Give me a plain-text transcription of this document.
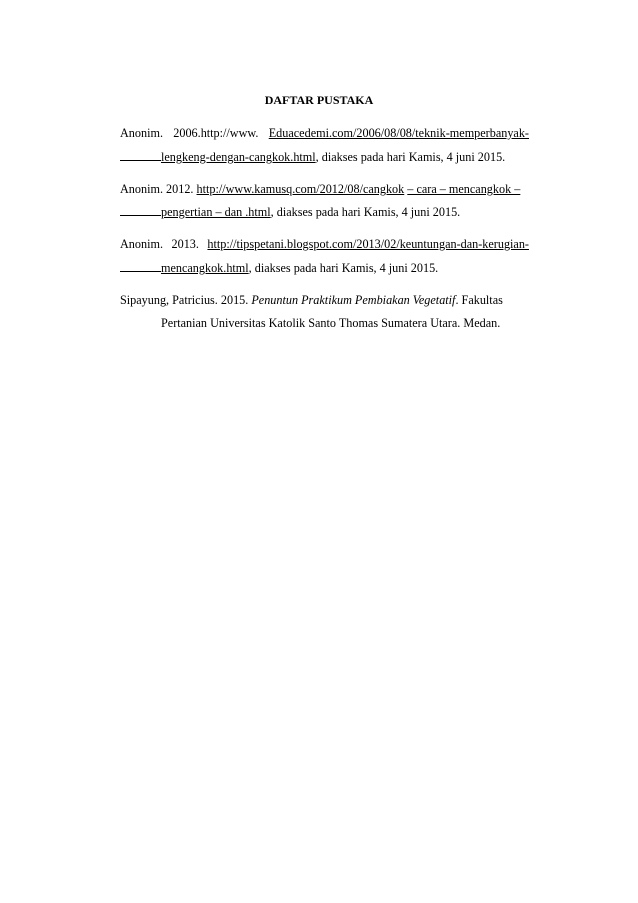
DAFTAR PUSTAKA
Anonim. 2006.http://www. Eduacedemi.com/2006/08/08/teknik-memperbanyak-
lengkeng-dengan-cangkok.html, diakses pada hari Kamis, 4 juni 2015.
Anonim. 2012. http://www.kamusq.com/2012/08/cangkok – cara – mencangkok –
pengertian – dan .html, diakses pada hari Kamis, 4 juni 2015.
Anonim. 2013. http://tipspetani.blogspot.com/2013/02/keuntungan-dan-kerugian-
mencangkok.html, diakses pada hari Kamis, 4 juni 2015.
Sipayung, Patricius. 2015. Penuntun Praktikum Pembiakan Vegetatif. Fakultas
Pertanian Universitas Katolik Santo Thomas Sumatera Utara. Medan.
